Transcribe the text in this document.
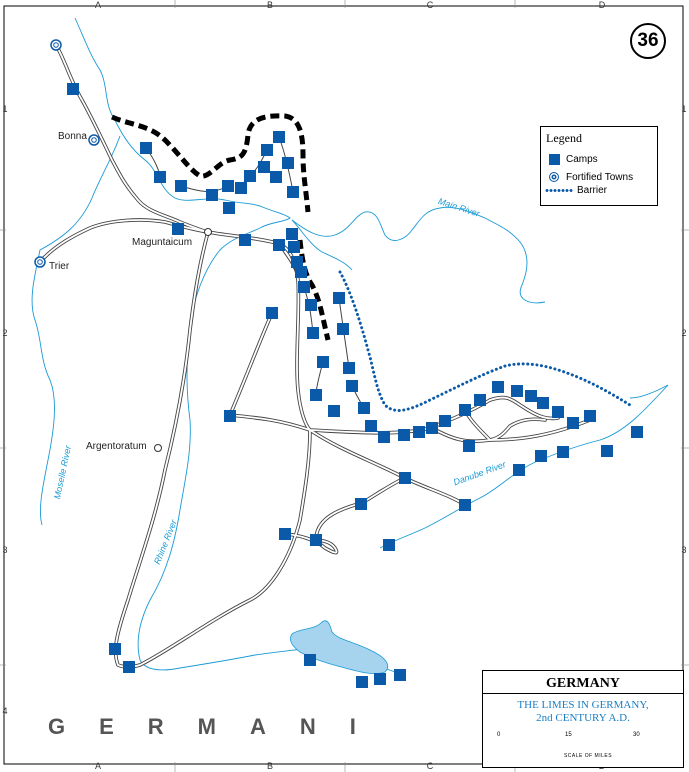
A	B	C	D
A	B	C
1
2
3
4
1
2
3
36
Bonna
Maguntaicum
Trier
Argentoratum
Main River
Danube River
Rhine River
Moselle River
Legend
Camps
Fortified Towns
Barrier
GERMANY
THE LIMES IN GERMANY,
2nd CENTURY A.D.
0	15	30
SCALE OF MILES
GERMANI
